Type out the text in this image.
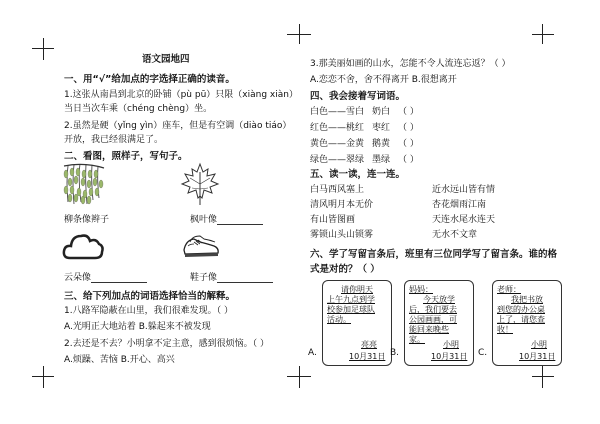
语文园地四
一、用“√”给加点的字选择正确的读音。
1.这张从南昌到北京的卧铺（pù pū）只限（xiàng xiàn）
当日当次车乘（chéng chèng）坐。
2.虽然是硬（yǐng yìn）座车，但是有空调（diào tiáo）
开放，我已经很满足了。
二、看图，照样子，写句子。
柳条像辫子	枫叶像
云朵像	鞋子像
三、给下列加点的词语选择恰当的解释。
1.八路军隐蔽在山里，我们很难发现。（ ）
A.光明正大地站着 B.躲起来不被发现
2.去还是不去？小明拿不定主意，感到很烦恼。（ ）
A.烦躁、苦恼 B.开心、高兴
3.那美丽如画的山水，怎能不令人流连忘返？（ ）
A.恋恋不舍，舍不得离开 B.很想离开
四、我会接着写词语。
白色——雪白 奶白 （ ）
红色——桃红 枣红 （ ）
黄色——金黄 鹅黄 （ ）
绿色——翠绿 墨绿 （ ）
五、读一读，连一连。
白马西风塞上	近水远山皆有情
清风明月本无价	杏花烟雨江南
有山皆图画	天连水尾水连天
雾锁山头山锁雾	无水不文章
六、学了写留言条后，班里有三位同学写了留言条。谁的格
式是对的？（ ）
A.
请你明天
上午九点到学
校参加足球队
活动。
亮亮
10月31日 B.
妈妈：
今天放学
后，我们要去
公园画画，可
能回来晚些
家。
小明
10月31日 C.
老师：
我把书放
到您的办公桌
上了，请您查
收！
小明
10月31日
